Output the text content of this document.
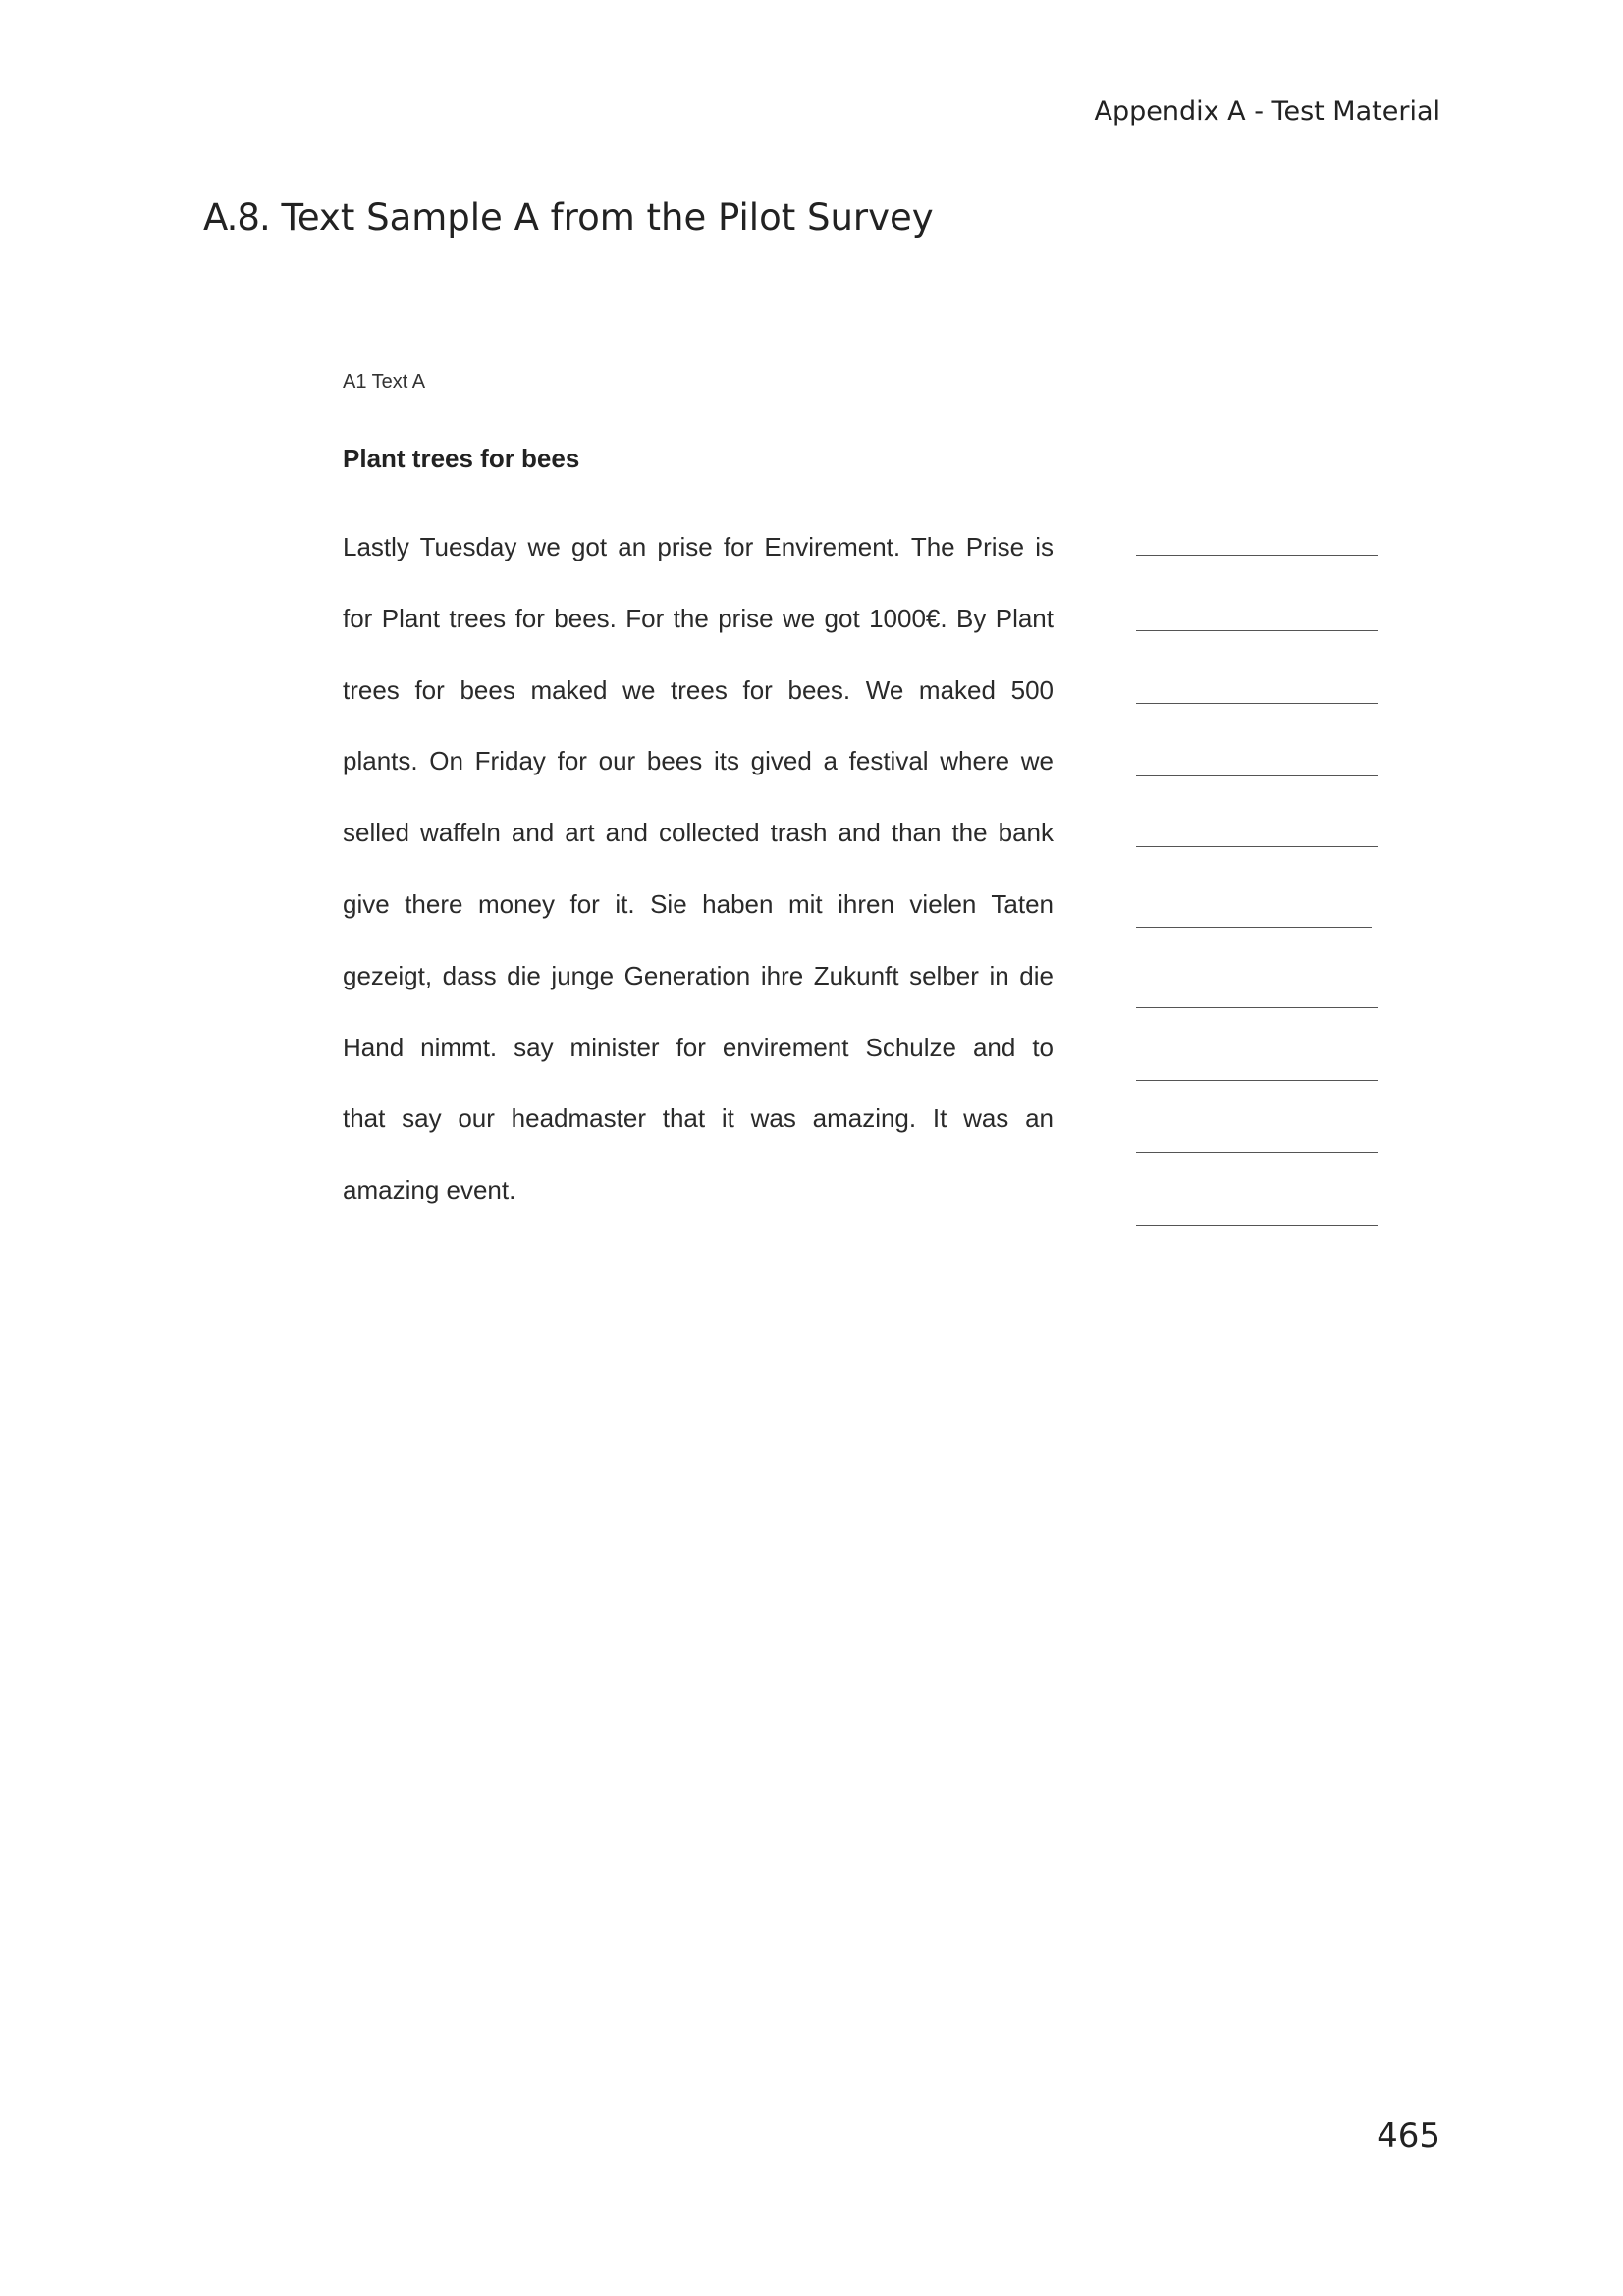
Appendix A - Test Material
A.8. Text Sample A from the Pilot Survey
A1 Text A
Plant trees for bees
Lastly Tuesday we got an prise for Envirement. The Prise is
for Plant trees for bees. For the prise we got 1000€. By Plant
trees for bees maked we trees for bees. We maked 500
plants. On Friday for our bees its gived a festival where we
selled waffeln and art and collected trash and than the bank
give there money for it. Sie haben mit ihren vielen Taten
gezeigt, dass die junge Generation ihre Zukunft selber in die
Hand nimmt. say minister for envirement Schulze and to
that say our headmaster that it was amazing. It was an
amazing event.
465
